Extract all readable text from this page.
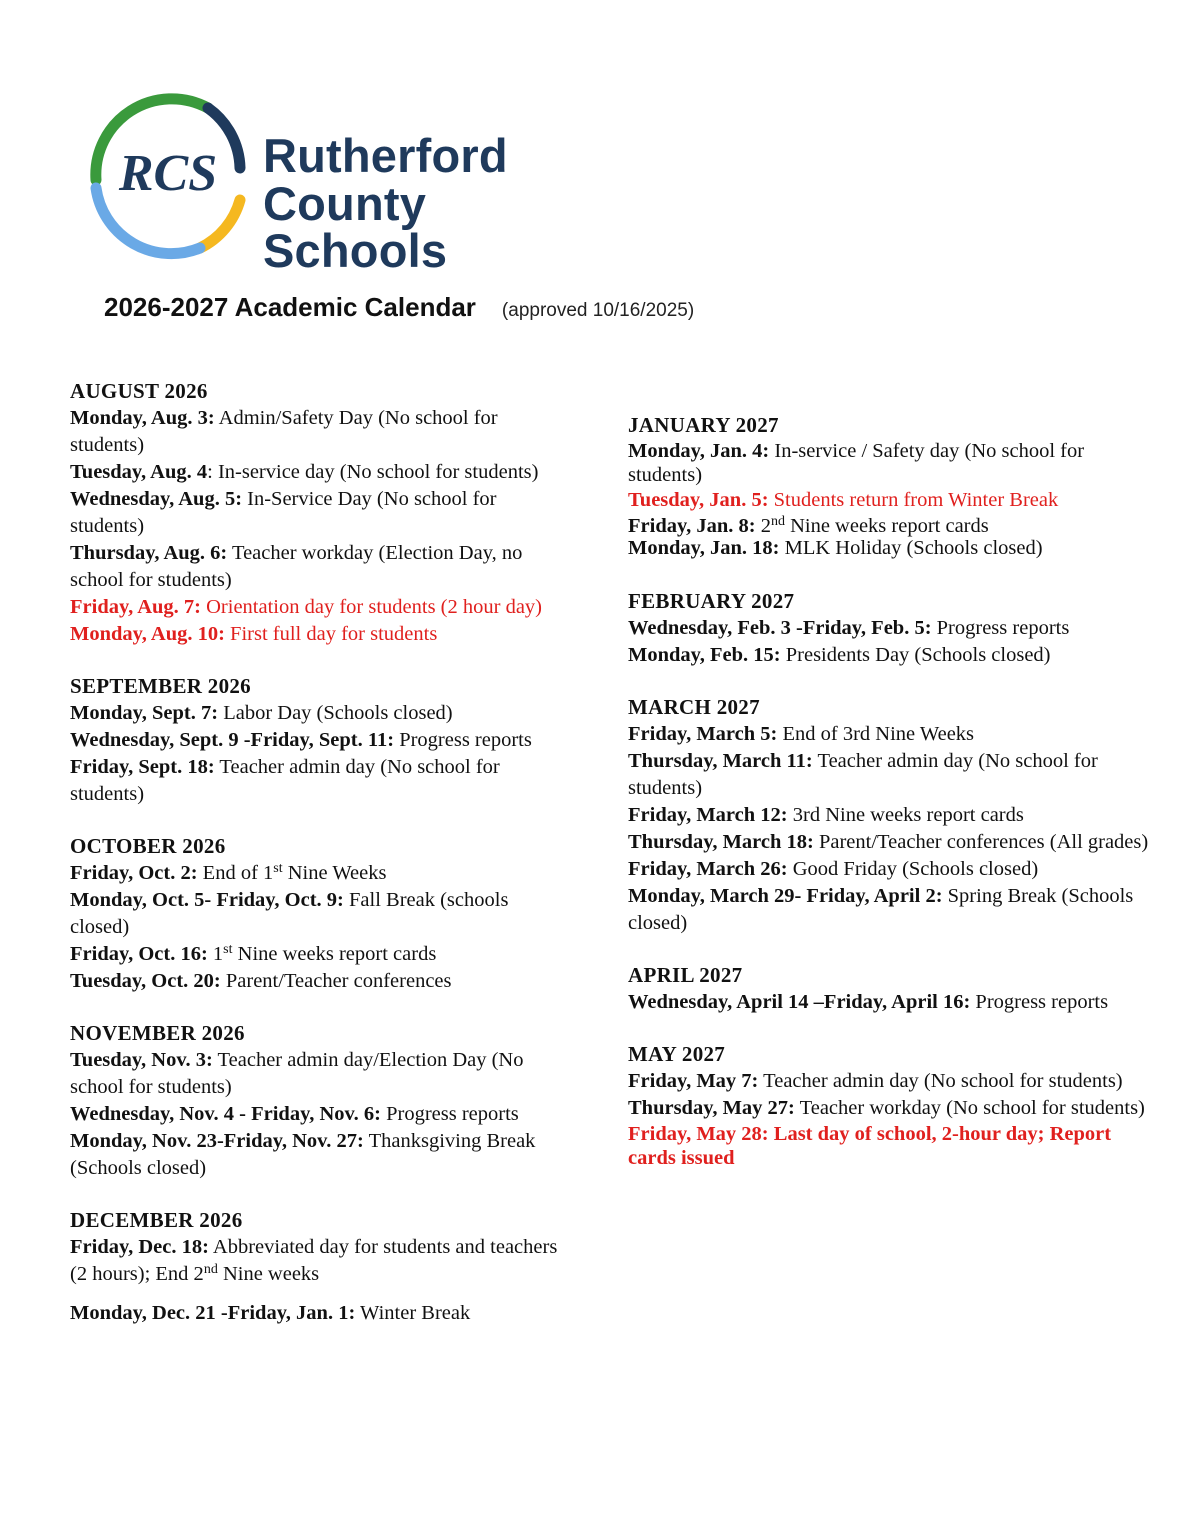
RCS Rutherford
County Schools
2026-2027 Academic Calendar (approved 10/16/2025)
AUGUST 2026
Monday, Aug. 3: Admin/Safety Day (No school for students)
Tuesday, Aug. 4: In-service day (No school for students)
Wednesday, Aug. 5: In-Service Day (No school for students)
Thursday, Aug. 6: Teacher workday (Election Day, no school for students)
Friday, Aug. 7: Orientation day for students (2 hour day)
Monday, Aug. 10: First full day for students
SEPTEMBER 2026
Monday, Sept. 7: Labor Day (Schools closed)
Wednesday, Sept. 9 -Friday, Sept. 11: Progress reports
Friday, Sept. 18: Teacher admin day (No school for students)
OCTOBER 2026
Friday, Oct. 2: End of 1st Nine Weeks
Monday, Oct. 5- Friday, Oct. 9: Fall Break (schools closed)
Friday, Oct. 16: 1st Nine weeks report cards
Tuesday, Oct. 20: Parent/Teacher conferences
NOVEMBER 2026
Tuesday, Nov. 3: Teacher admin day/Election Day (No school for students)
Wednesday, Nov. 4 - Friday, Nov. 6: Progress reports
Monday, Nov. 23-Friday, Nov. 27: Thanksgiving Break (Schools closed)
DECEMBER 2026
Friday, Dec. 18: Abbreviated day for students and teachers (2 hours); End 2nd Nine weeks
Monday, Dec. 21 -Friday, Jan. 1: Winter Break
JANUARY 2027
Monday, Jan. 4: In-service / Safety day (No school for students)
Tuesday, Jan. 5: Students return from Winter Break
Friday, Jan. 8: 2nd Nine weeks report cards
Monday, Jan. 18: MLK Holiday (Schools closed)
FEBRUARY 2027
Wednesday, Feb. 3 -Friday, Feb. 5: Progress reports
Monday, Feb. 15: Presidents Day (Schools closed)
MARCH 2027
Friday, March 5: End of 3rd Nine Weeks
Thursday, March 11: Teacher admin day (No school for students)
Friday, March 12: 3rd Nine weeks report cards
Thursday, March 18: Parent/Teacher conferences (All grades)
Friday, March 26: Good Friday (Schools closed)
Monday, March 29- Friday, April 2: Spring Break (Schools closed)
APRIL 2027
Wednesday, April 14 –Friday, April 16: Progress reports
MAY 2027
Friday, May 7: Teacher admin day (No school for students)
Thursday, May 27: Teacher workday (No school for students)
Friday, May 28: Last day of school, 2-hour day; Report cards issued
